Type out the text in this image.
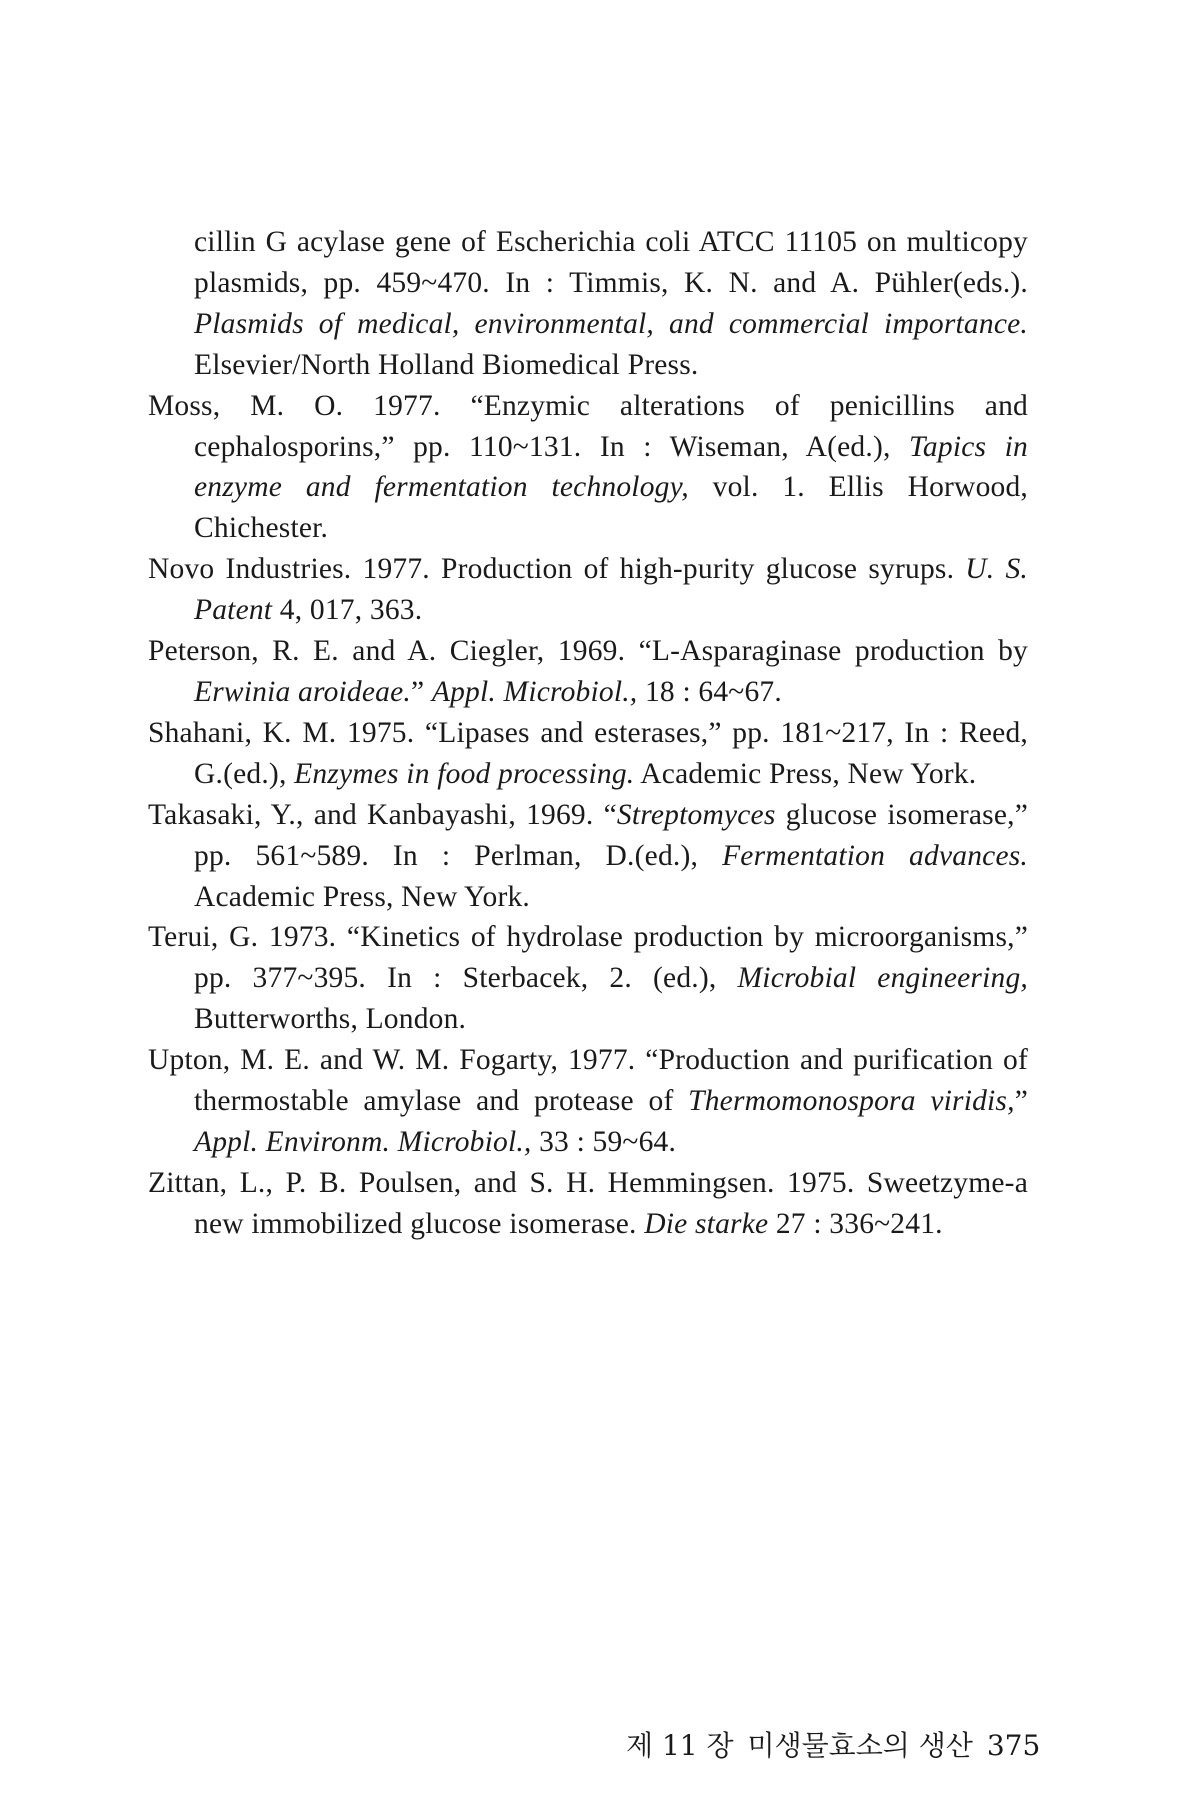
cillin G acylase gene of Escherichia coli ATCC 11105 on multicopy plasmids, pp. 459~470. In : Timmis, K. N. and A. Pühler(eds.). Plasmids of medical, environmental, and commercial importance. Elsevier/North Holland Biomedical Press.

Moss, M. O. 1977. “Enzymic alterations of penicillins and cephalosporins,” pp. 110~131. In : Wiseman, A(ed.), Tapics in enzyme and fermentation technology, vol. 1. Ellis Horwood, Chichester.

Novo Industries. 1977. Production of high-purity glucose syrups. U. S. Patent 4, 017, 363.

Peterson, R. E. and A. Ciegler, 1969. “L-Asparaginase production by Erwinia aroideae.” Appl. Microbiol., 18 : 64~67.

Shahani, K. M. 1975. “Lipases and esterases,” pp. 181~217, In : Reed, G.(ed.), Enzymes in food processing. Academic Press, New York.

Takasaki, Y., and Kanbayashi, 1969. “Streptomyces glucose isomerase,” pp. 561~589. In : Perlman, D.(ed.), Fermentation advances. Academic Press, New York.

Terui, G. 1973. “Kinetics of hydrolase production by microorganisms,” pp. 377~395. In : Sterbacek, 2. (ed.), Microbial engineering, Butterworths, London.

Upton, M. E. and W. M. Fogarty, 1977. “Production and purification of thermostable amylase and protease of Thermomonospora viridis,” Appl. Environm. Microbiol., 33 : 59~64.

Zittan, L., P. B. Poulsen, and S. H. Hemmingsen. 1975. Sweetzyme-a new immobilized glucose isomerase. Die starke 27 : 336~241.

제 11 장 미생물효소의 생산 375
